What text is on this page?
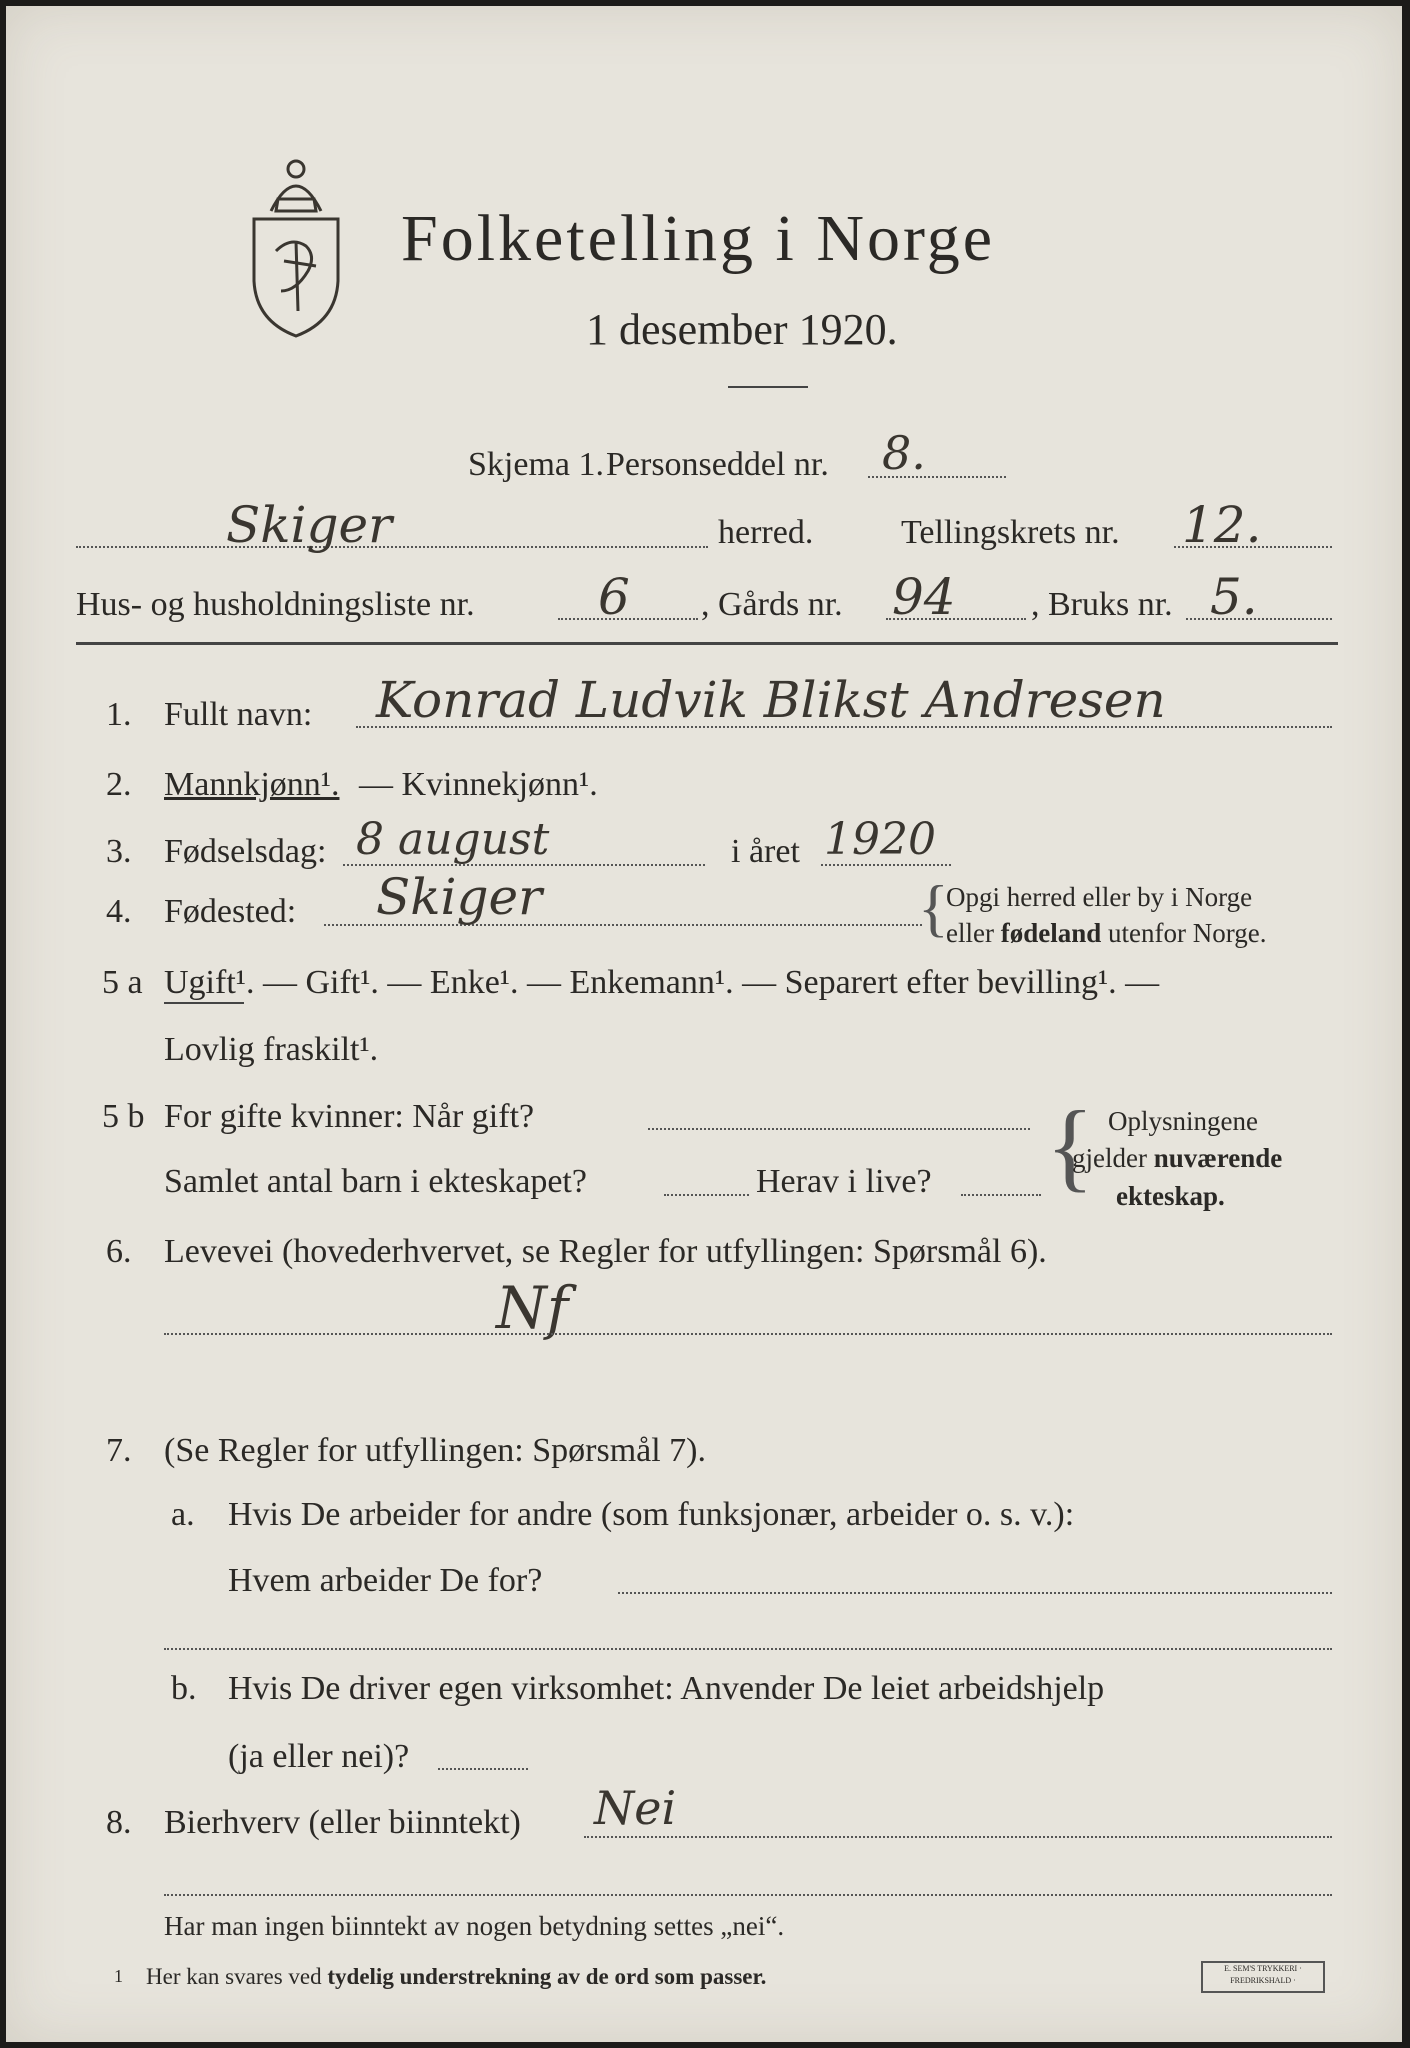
Folketelling i Norge
1 desember 1920.
Skjema 1. Personseddel nr. 8.
Skiger	herred.	Tellingskrets nr. 12.
Hus- og husholdningsliste nr. 6 , Gårds nr. 94 , Bruks nr. 5.
1. Fullt navn: Konrad Ludvik Blikst Andresen
2. Mannkjønn¹. — Kvinnekjønn¹.
3. Fødselsdag: 8 august	i året 1920
4. Fødested: Skiger	{
Opgi herred eller by i Norge
eller fødeland utenfor Norge.
5 a Ugift¹. — Gift¹. — Enke¹. — Enkemann¹. — Separert efter bevilling¹. —
Lovlig fraskilt¹.
5 b For gifte kvinner: Når gift?
Samlet antal barn i ekteskapet?	Herav i live? { Oplysningene
gjelder nuværende
ekteskap.
6. Levevei (hovederhvervet, se Regler for utfyllingen: Spørsmål 6).
Nf
7. (Se Regler for utfyllingen: Spørsmål 7).
a. Hvis De arbeider for andre (som funksjonær, arbeider o. s. v.):
Hvem arbeider De for?
b. Hvis De driver egen virksomhet: Anvender De leiet arbeidshjelp
(ja eller nei)?
8. Bierhverv (eller biinntekt) Nei
Har man ingen biinntekt av nogen betydning settes „nei“.
1 Her kan svares ved tydelig understrekning av de ord som passer.	E. SEM'S TRYKKERI · FREDRIKSHALD ·
